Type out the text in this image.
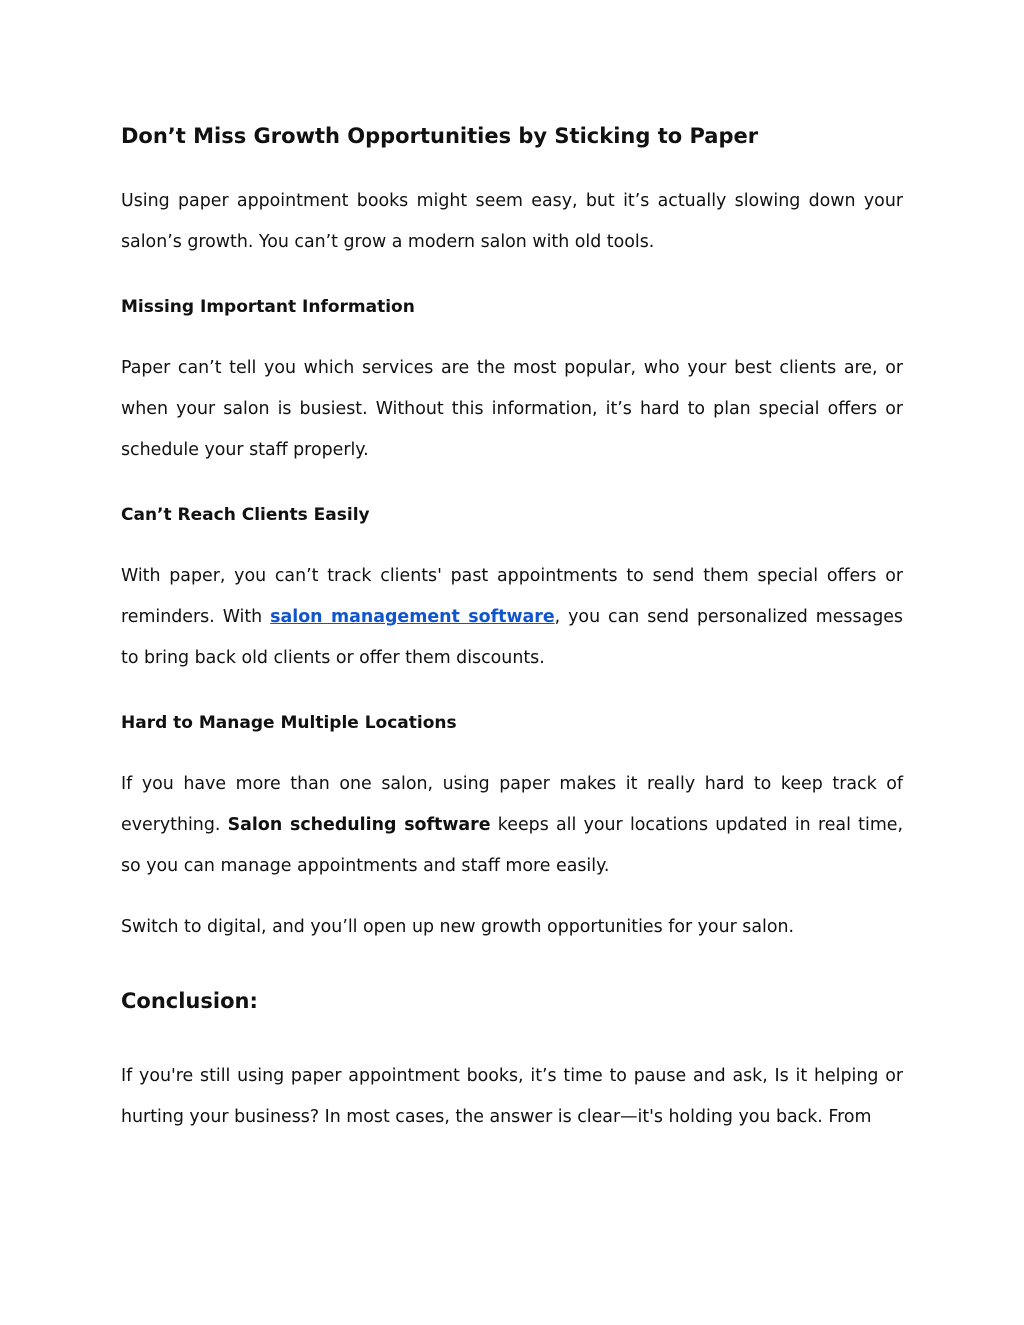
Don’t Miss Growth Opportunities by Sticking to Paper

Using paper appointment books might seem easy, but it’s actually slowing down your salon’s growth. You can’t grow a modern salon with old tools.

Missing Important Information

Paper can’t tell you which services are the most popular, who your best clients are, or when your salon is busiest. Without this information, it’s hard to plan special offers or schedule your staff properly.

Can’t Reach Clients Easily

With paper, you can’t track clients' past appointments to send them special offers or reminders. With salon management software, you can send personalized messages to bring back old clients or offer them discounts.

Hard to Manage Multiple Locations

If you have more than one salon, using paper makes it really hard to keep track of everything. Salon scheduling software keeps all your locations updated in real time, so you can manage appointments and staff more easily.

Switch to digital, and you’ll open up new growth opportunities for your salon.

Conclusion:

If you're still using paper appointment books, it’s time to pause and ask, Is it helping or hurting your business? In most cases, the answer is clear—it's holding you back. From
